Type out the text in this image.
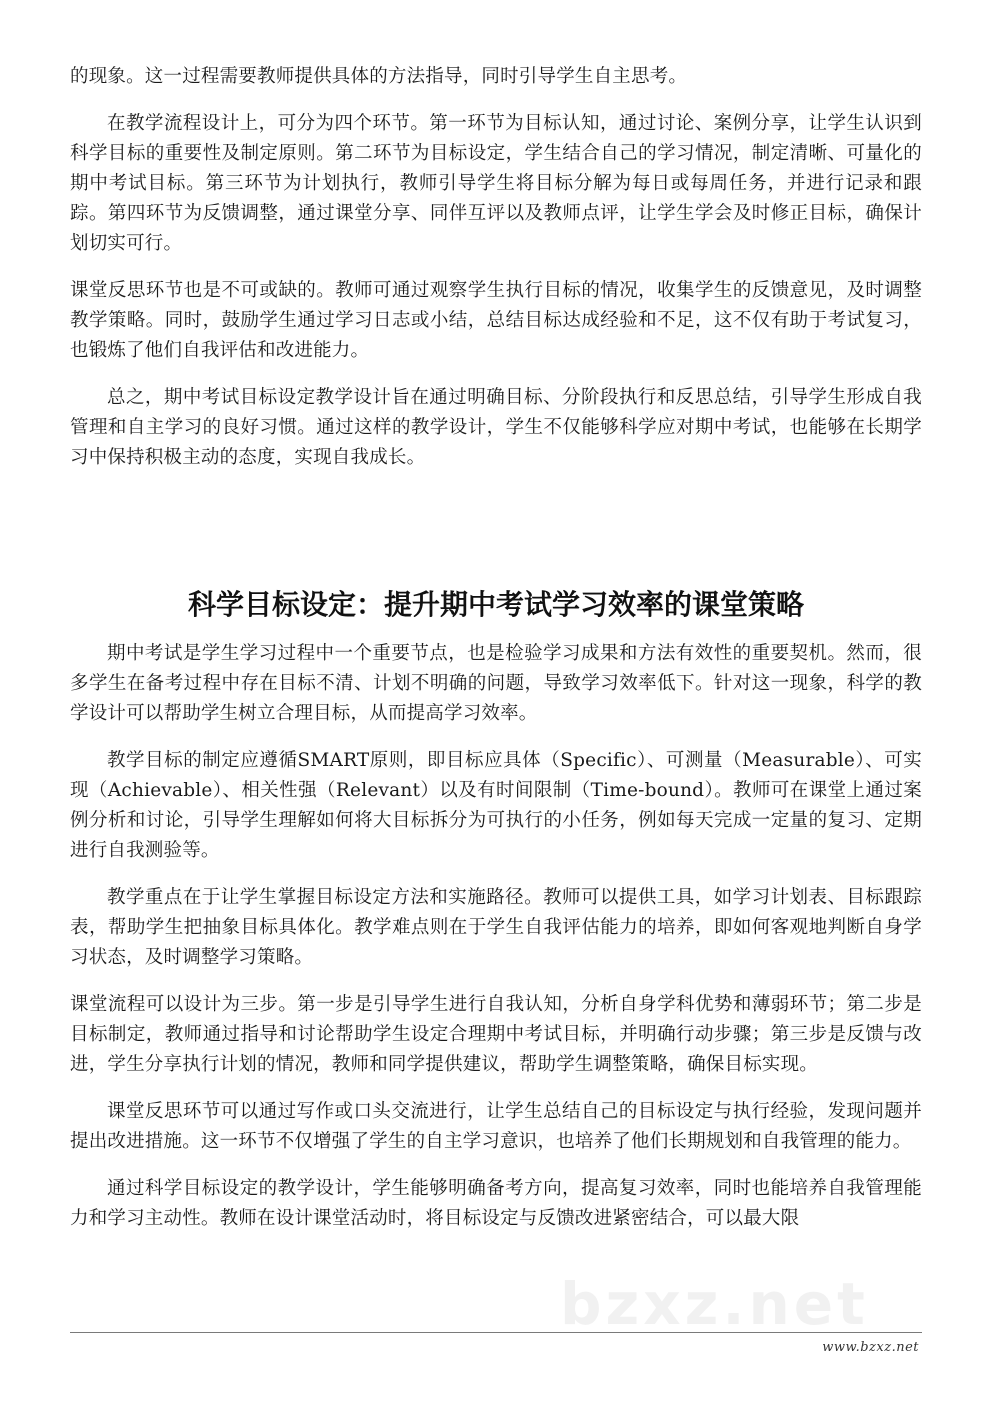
的现象。这一过程需要教师提供具体的方法指导，同时引导学生自主思考。

在教学流程设计上，可分为四个环节。第一环节为目标认知，通过讨论、案例分享，让学生认识到科学目标的重要性及制定原则。第二环节为目标设定，学生结合自己的学习情况，制定清晰、可量化的期中考试目标。第三环节为计划执行，教师引导学生将目标分解为每日或每周任务，并进行记录和跟踪。第四环节为反馈调整，通过课堂分享、同伴互评以及教师点评，让学生学会及时修正目标，确保计划切实可行。

课堂反思环节也是不可或缺的。教师可通过观察学生执行目标的情况，收集学生的反馈意见，及时调整教学策略。同时，鼓励学生通过学习日志或小结，总结目标达成经验和不足，这不仅有助于考试复习，也锻炼了他们自我评估和改进能力。

总之，期中考试目标设定教学设计旨在通过明确目标、分阶段执行和反思总结，引导学生形成自我管理和自主学习的良好习惯。通过这样的教学设计，学生不仅能够科学应对期中考试，也能够在长期学习中保持积极主动的态度，实现自我成长。

科学目标设定：提升期中考试学习效率的课堂策略

期中考试是学生学习过程中一个重要节点，也是检验学习成果和方法有效性的重要契机。然而，很多学生在备考过程中存在目标不清、计划不明确的问题，导致学习效率低下。针对这一现象，科学的教学设计可以帮助学生树立合理目标，从而提高学习效率。

教学目标的制定应遵循SMART原则，即目标应具体（Specific）、可测量（Measurable）、可实现（Achievable）、相关性强（Relevant）以及有时间限制（Time-bound）。教师可在课堂上通过案例分析和讨论，引导学生理解如何将大目标拆分为可执行的小任务，例如每天完成一定量的复习、定期进行自我测验等。

教学重点在于让学生掌握目标设定方法和实施路径。教师可以提供工具，如学习计划表、目标跟踪表，帮助学生把抽象目标具体化。教学难点则在于学生自我评估能力的培养，即如何客观地判断自身学习状态，及时调整学习策略。

课堂流程可以设计为三步。第一步是引导学生进行自我认知，分析自身学科优势和薄弱环节；第二步是目标制定，教师通过指导和讨论帮助学生设定合理期中考试目标，并明确行动步骤；第三步是反馈与改进，学生分享执行计划的情况，教师和同学提供建议，帮助学生调整策略，确保目标实现。

课堂反思环节可以通过写作或口头交流进行，让学生总结自己的目标设定与执行经验，发现问题并提出改进措施。这一环节不仅增强了学生的自主学习意识，也培养了他们长期规划和自我管理的能力。

通过科学目标设定的教学设计，学生能够明确备考方向，提高复习效率，同时也能培养自我管理能力和学习主动性。教师在设计课堂活动时，将目标设定与反馈改进紧密结合，可以最大限

bzxz.net
www.bzxz.net
